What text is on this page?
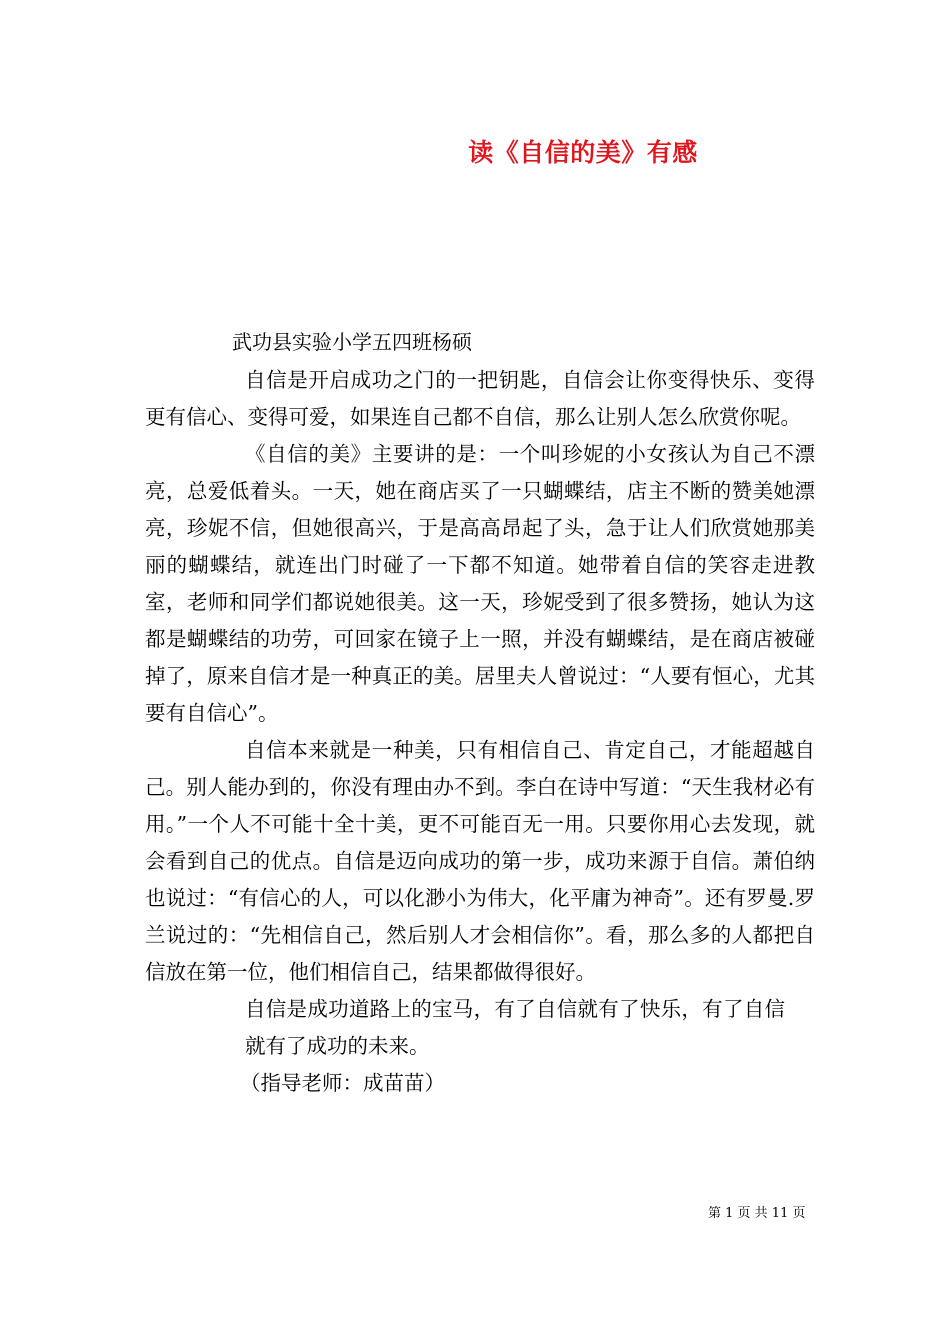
读《自信的美》有感
武功县实验小学五四班杨硕

自信是开启成功之门的一把钥匙，自信会让你变得快乐、变得更有信心、变得可爱，如果连自己都不自信，那么让别人怎么欣赏你呢。

《自信的美》主要讲的是：一个叫珍妮的小女孩认为自己不漂亮，总爱低着头。一天，她在商店买了一只蝴蝶结，店主不断的赞美她漂亮，珍妮不信，但她很高兴，于是高高昂起了头，急于让人们欣赏她那美丽的蝴蝶结，就连出门时碰了一下都不知道。她带着自信的笑容走进教室，老师和同学们都说她很美。这一天，珍妮受到了很多赞扬，她认为这都是蝴蝶结的功劳，可回家在镜子上一照，并没有蝴蝶结，是在商店被碰掉了，原来自信才是一种真正的美。居里夫人曾说过：“人要有恒心，尤其要有自信心”。

自信本来就是一种美，只有相信自己、肯定自己，才能超越自己。别人能办到的，你没有理由办不到。李白在诗中写道：“天生我材必有用。”一个人不可能十全十美，更不可能百无一用。只要你用心去发现，就会看到自己的优点。自信是迈向成功的第一步，成功来源于自信。萧伯纳也说过：“有信心的人，可以化渺小为伟大，化平庸为神奇”。还有罗曼.罗兰说过的：“先相信自己，然后别人才会相信你”。看，那么多的人都把自信放在第一位，他们相信自己，结果都做得很好。

自信是成功道路上的宝马，有了自信就有了快乐，有了自信就有了成功的未来。

（指导老师：成苗苗）

第 1 页 共 11 页
